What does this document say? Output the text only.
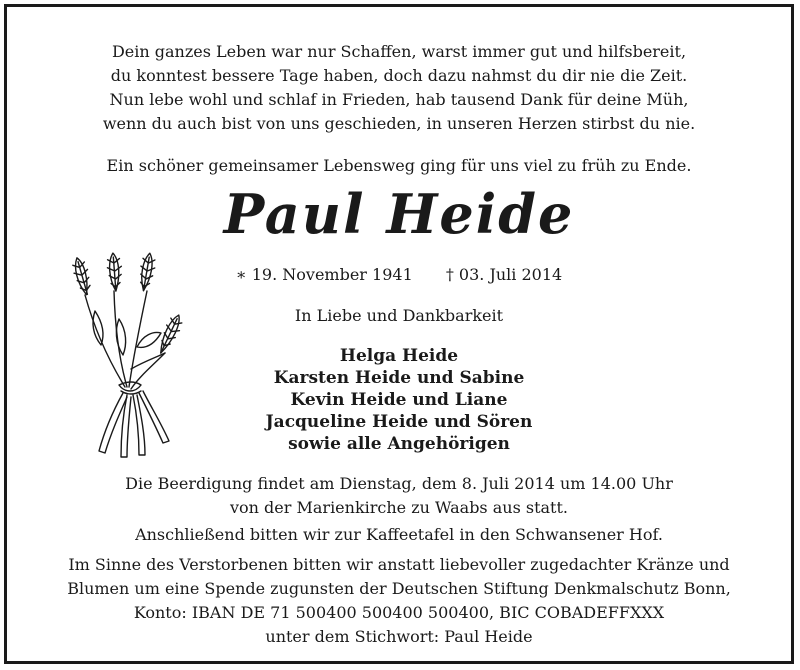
Dein ganzes Leben war nur Schaffen, warst immer gut und hilfsbereit,
du konntest bessere Tage haben, doch dazu nahmst du dir nie die Zeit.
Nun lebe wohl und schlaf in Frieden, hab tausend Dank für deine Müh,
wenn du auch bist von uns geschieden, in unseren Herzen stirbst du nie.
Ein schöner gemeinsamer Lebensweg ging für uns viel zu früh zu Ende.
Paul Heide
∗ 19. November 1941 † 03. Juli 2014
In Liebe und Dankbarkeit
Helga Heide
Karsten Heide und Sabine
Kevin Heide und Liane
Jacqueline Heide und Sören
sowie alle Angehörigen
Die Beerdigung findet am Dienstag, dem 8. Juli 2014 um 14.00 Uhr
von der Marienkirche zu Waabs aus statt.
Anschließend bitten wir zur Kaffeetafel in den Schwansener Hof.
Im Sinne des Verstorbenen bitten wir anstatt liebevoller zugedachter Kränze und
Blumen um eine Spende zugunsten der Deutschen Stiftung Denkmalschutz Bonn,
Konto: IBAN DE 71 500400 500400 500400, BIC COBADEFFXXX
unter dem Stichwort: Paul Heide
